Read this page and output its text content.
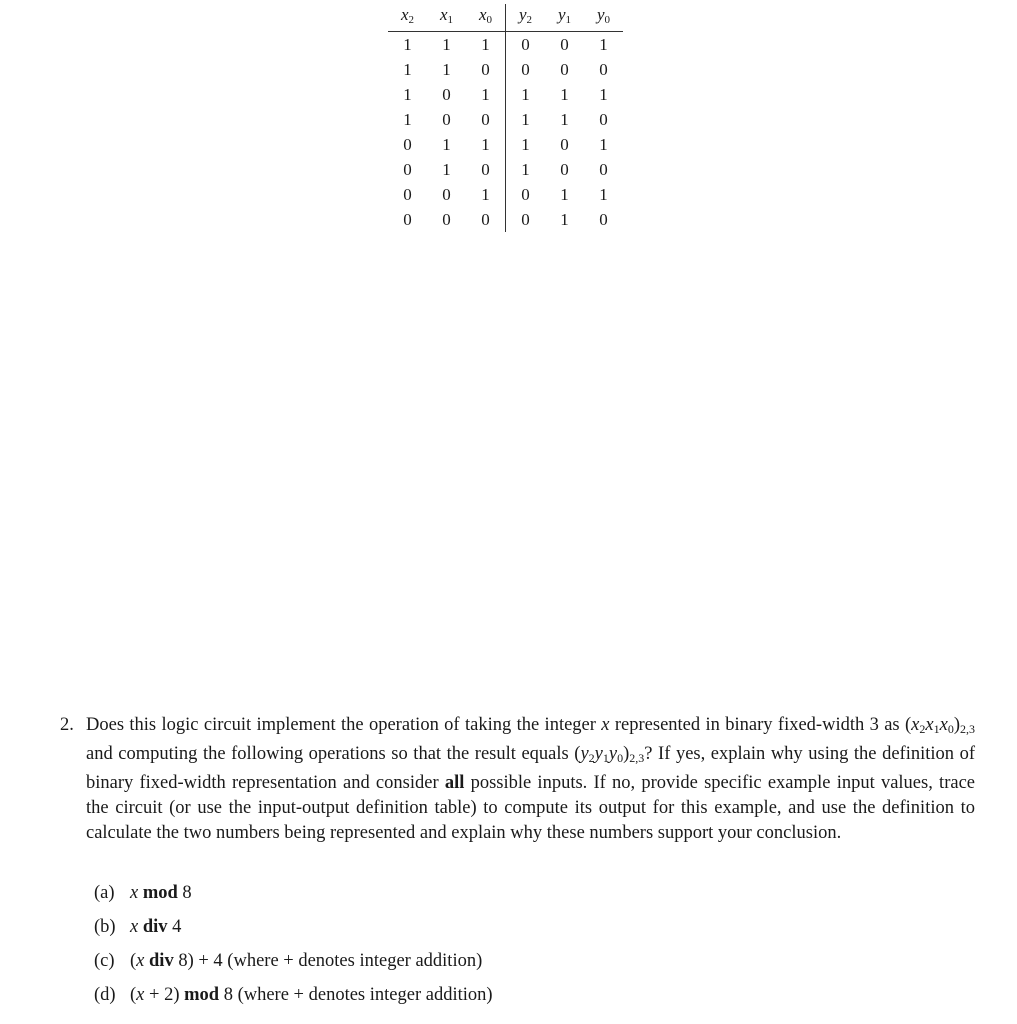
$x_2$	$x_1$	$x_0$	$y_2$	$y_1$	$y_0$
1	1	1	0	0	1
1	1	0	0	0	0
1	0	1	1	1	1
1	0	0	1	1	0
0	1	1	1	0	1
0	1	0	1	0	0
0	0	1	0	1	1
0	0	0	0	1	0
2. Does this logic circuit implement the operation of taking the integer x represented in binary fixed-width 3 as $(x_2x_1x_0)_{2,3}$ and computing the following operations so that the result equals $(y_2y_1y_0)_{2,3}$? If yes, explain why using the definition of binary fixed-width representation and consider all possible inputs. If no, provide specific example input values, trace the circuit (or use the input-output definition table) to compute its output for this example, and use the definition to calculate the two numbers being represented and explain why these numbers support your conclusion.
(a) x mod 8
(b) x div 4
(c) (x div 8) + 4 (where + denotes integer addition)
(d) (x + 2) mod 8 (where + denotes integer addition)
